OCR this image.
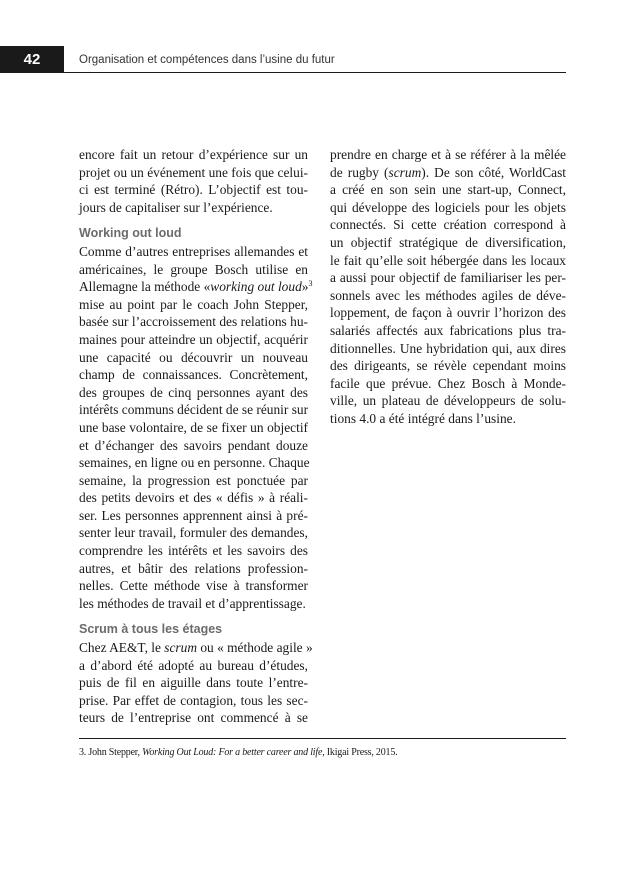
42	Organisation et compétences dans l’usine du futur

encore fait un retour d’expérience sur un
projet ou un événement une fois que celui-
ci est terminé (Rétro). L’objectif est tou-
jours de capitaliser sur l’expérience.

Working out loud

Comme d’autres entreprises allemandes et
américaines, le groupe Bosch utilise en
Allemagne la méthode «working out loud»$^3$
mise au point par le coach John Stepper,
basée sur l’accroissement des relations hu-
maines pour atteindre un objectif, acquérir
une capacité ou découvrir un nouveau
champ de connaissances. Concrètement,
des groupes de cinq personnes ayant des
intérêts communs décident de se réunir sur
une base volontaire, de se fixer un objectif
et d’échanger des savoirs pendant douze
semaines, en ligne ou en personne. Chaque
semaine, la progression est ponctuée par
des petits devoirs et des « défis » à réali-
ser. Les personnes apprennent ainsi à pré-
senter leur travail, formuler des demandes,
comprendre les intérêts et les savoirs des
autres, et bâtir des relations profession-
nelles. Cette méthode vise à transformer
les méthodes de travail et d’apprentissage.

Scrum à tous les étages

Chez AE&T, le scrum ou « méthode agile »
a d’abord été adopté au bureau d’études,
puis de fil en aiguille dans toute l’entre-
prise. Par effet de contagion, tous les sec-
teurs de l’entreprise ont commencé à se

prendre en charge et à se référer à la mêlée
de rugby (scrum). De son côté, WorldCast
a créé en son sein une start-up, Connect,
qui développe des logiciels pour les objets
connectés. Si cette création correspond à
un objectif stratégique de diversification,
le fait qu’elle soit hébergée dans les locaux
a aussi pour objectif de familiariser les per-
sonnels avec les méthodes agiles de déve-
loppement, de façon à ouvrir l’horizon des
salariés affectés aux fabrications plus tra-
ditionnelles. Une hybridation qui, aux dires
des dirigeants, se révèle cependant moins
facile que prévue. Chez Bosch à Monde-
ville, un plateau de développeurs de solu-
tions 4.0 a été intégré dans l’usine.

3. John Stepper, Working Out Loud: For a better career and life, Ikigai Press, 2015.
